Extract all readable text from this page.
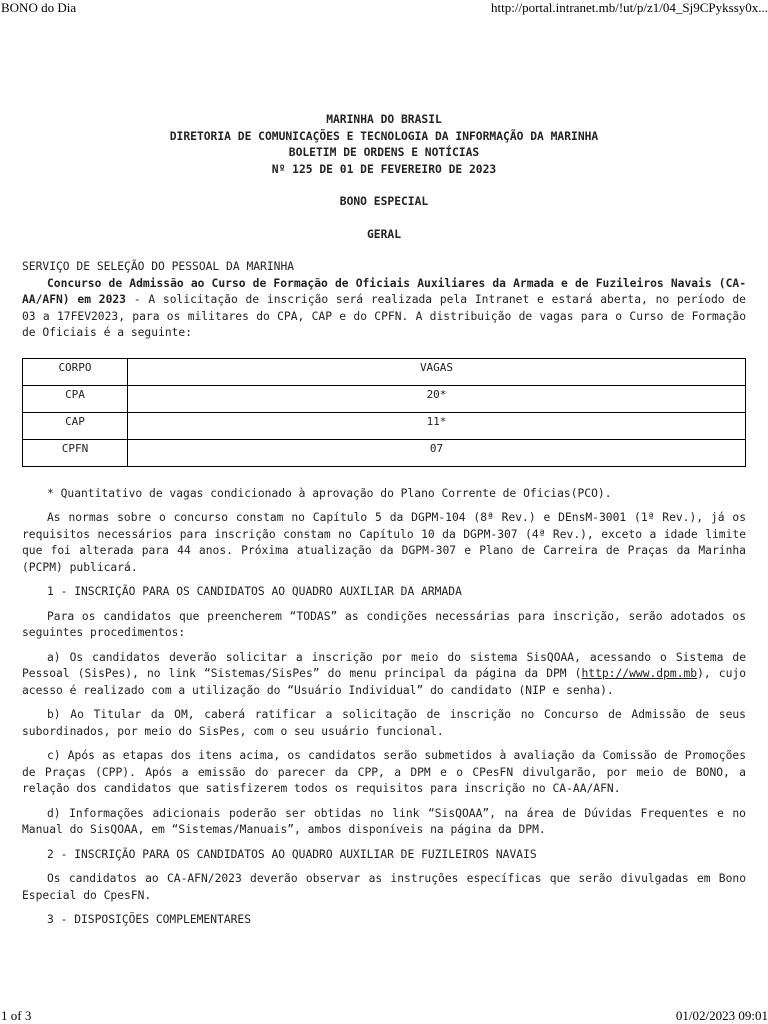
BONO do Dia	http://portal.intranet.mb/!ut/p/z1/04_Sj9CPykssy0x...
MARINHA DO BRASIL
DIRETORIA DE COMUNICAÇÕES E TECNOLOGIA DA INFORMAÇÃO DA MARINHA
BOLETIM DE ORDENS E NOTÍCIAS
Nº 125 DE 01 DE FEVEREIRO DE 2023
BONO ESPECIAL
GERAL

SERVIÇO DE SELEÇÃO DO PESSOAL DA MARINHA

Concurso de Admissão ao Curso de Formação de Oficiais Auxiliares da Armada e de Fuzileiros Navais (CA-AA/AFN) em 2023 - A solicitação de inscrição será realizada pela Intranet e estará aberta, no período de 03 a 17FEV2023, para os militares do CPA, CAP e do CPFN. A distribuição de vagas para o Curso de Formação de Oficiais é a seguinte:

CORPO	VAGAS
CPA	20*
CAP	11*
CPFN	07

* Quantitativo de vagas condicionado à aprovação do Plano Corrente de Oficias(PCO).

As normas sobre o concurso constam no Capítulo 5 da DGPM-104 (8ª Rev.) e DEnsM-3001 (1ª Rev.), já os requisitos necessários para inscrição constam no Capítulo 10 da DGPM-307 (4ª Rev.), exceto a idade limite que foi alterada para 44 anos. Próxima atualização da DGPM-307 e Plano de Carreira de Praças da Marinha (PCPM) publicará.

1 - INSCRIÇÃO PARA OS CANDIDATOS AO QUADRO AUXILIAR DA ARMADA

Para os candidatos que preencherem “TODAS” as condições necessárias para inscrição, serão adotados os seguintes procedimentos:

a) Os candidatos deverão solicitar a inscrição por meio do sistema SisQOAA, acessando o Sistema de Pessoal (SisPes), no link “Sistemas/SisPes” do menu principal da página da DPM (http://www.dpm.mb), cujo acesso é realizado com a utilização do “Usuário Individual” do candidato (NIP e senha).

b) Ao Titular da OM, caberá ratificar a solicitação de inscrição no Concurso de Admissão de seus subordinados, por meio do SisPes, com o seu usuário funcional.

c) Após as etapas dos itens acima, os candidatos serão submetidos à avaliação da Comissão de Promoções de Praças (CPP). Após a emissão do parecer da CPP, a DPM e o CPesFN divulgarão, por meio de BONO, a relação dos candidatos que satisfizerem todos os requisitos para inscrição no CA-AA/AFN.

d) Informações adicionais poderão ser obtidas no link “SisQOAA”, na área de Dúvidas Frequentes e no Manual do SisQOAA, em “Sistemas/Manuais”, ambos disponíveis na página da DPM.

2 - INSCRIÇÃO PARA OS CANDIDATOS AO QUADRO AUXILIAR DE FUZILEIROS NAVAIS

Os candidatos ao CA-AFN/2023 deverão observar as instruções específicas que serão divulgadas em Bono Especial do CpesFN.

3 - DISPOSIÇÕES COMPLEMENTARES

1 of 3	01/02/2023 09:01
